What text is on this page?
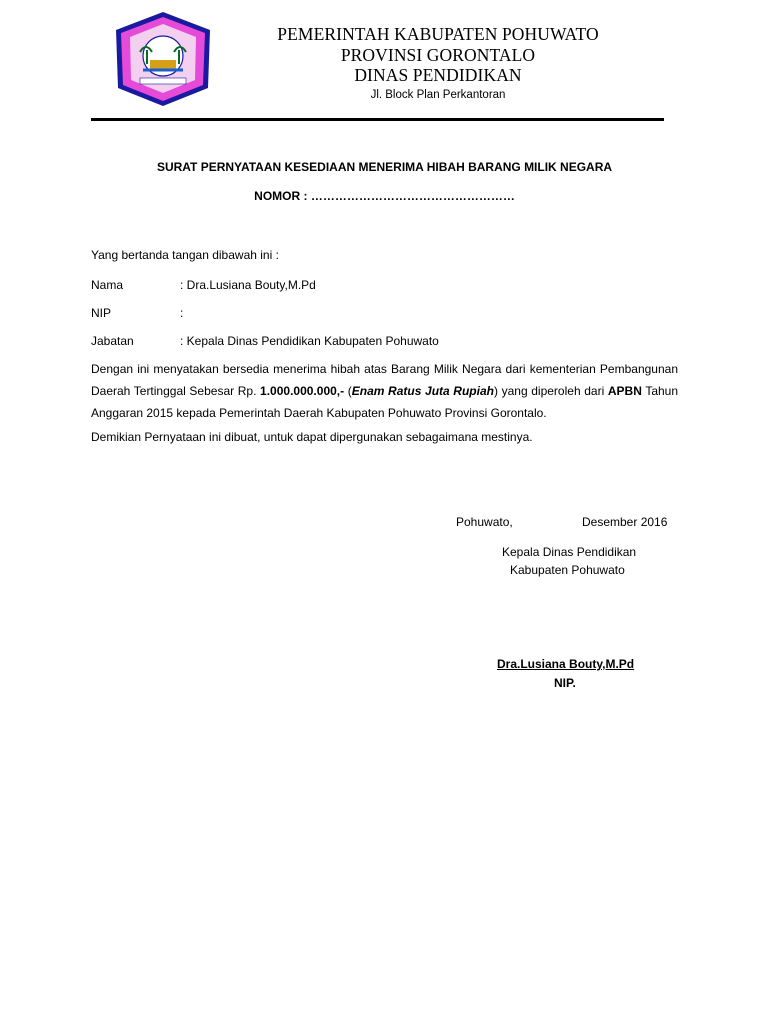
PEMERINTAH KABUPATEN POHUWATO
PROVINSI GORONTALO
DINAS PENDIDIKAN
Jl. Block Plan Perkantoran
SURAT PERNYATAAN KESEDIAAN MENERIMA HIBAH BARANG MILIK NEGARA
NOMOR : ……………………………………………
Yang bertanda tangan dibawah ini :
Nama	: Dra.Lusiana Bouty,M.Pd
NIP	:
Jabatan	: Kepala Dinas Pendidikan Kabupaten Pohuwato
Dengan ini menyatakan bersedia menerima hibah atas Barang Milik Negara dari kementerian Pembangunan Daerah Tertinggal Sebesar Rp. 1.000.000.000,- (Enam Ratus Juta Rupiah) yang diperoleh dari APBN Tahun Anggaran 2015 kepada Pemerintah Daerah Kabupaten Pohuwato Provinsi Gorontalo.
Demikian Pernyataan ini dibuat, untuk dapat dipergunakan sebagaimana mestinya.
Pohuwato,	Desember 2016
Kepala Dinas Pendidikan
Kabupaten Pohuwato
Dra.Lusiana Bouty,M.Pd
NIP.
